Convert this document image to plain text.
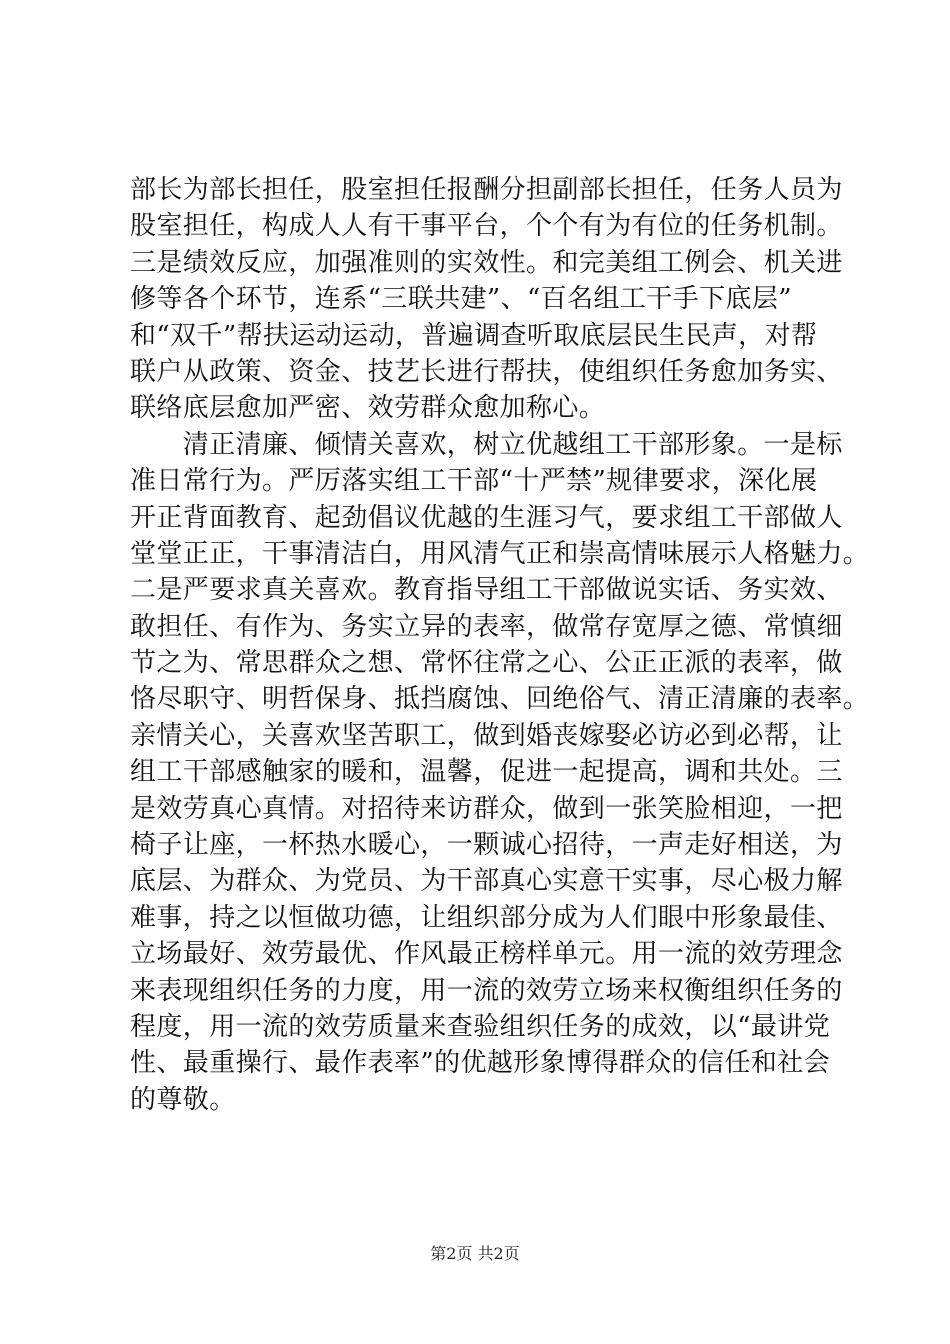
部长为部长担任，股室担任报酬分担副部长担任，任务人员为
股室担任，构成人人有干事平台，个个有为有位的任务机制。
三是绩效反应，加强准则的实效性。和完美组工例会、机关进
修等各个环节，连系“三联共建”、“百名组工干手下底层”
和“双千”帮扶运动运动，普遍调查听取底层民生民声，对帮
联户从政策、资金、技艺长进行帮扶，使组织任务愈加务实、
联络底层愈加严密、效劳群众愈加称心。
　　清正清廉、倾情关喜欢，树立优越组工干部形象。一是标
准日常行为。严厉落实组工干部“十严禁”规律要求，深化展
开正背面教育、起劲倡议优越的生涯习气，要求组工干部做人
堂堂正正，干事清洁白，用风清气正和崇高情味展示人格魅力。
二是严要求真关喜欢。教育指导组工干部做说实话、务实效、
敢担任、有作为、务实立异的表率，做常存宽厚之德、常慎细
节之为、常思群众之想、常怀往常之心、公正正派的表率，做
恪尽职守、明哲保身、抵挡腐蚀、回绝俗气、清正清廉的表率。
亲情关心，关喜欢坚苦职工，做到婚丧嫁娶必访必到必帮，让
组工干部感触家的暖和，温馨，促进一起提高，调和共处。三
是效劳真心真情。对招待来访群众，做到一张笑脸相迎，一把
椅子让座，一杯热水暖心，一颗诚心招待，一声走好相送，为
底层、为群众、为党员、为干部真心实意干实事，尽心极力解
难事，持之以恒做功德，让组织部分成为人们眼中形象最佳、
立场最好、效劳最优、作风最正榜样单元。用一流的效劳理念
来表现组织任务的力度，用一流的效劳立场来权衡组织任务的
程度，用一流的效劳质量来查验组织任务的成效，以“最讲党
性、最重操行、最作表率”的优越形象博得群众的信任和社会
的尊敬。
第2页 共2页
